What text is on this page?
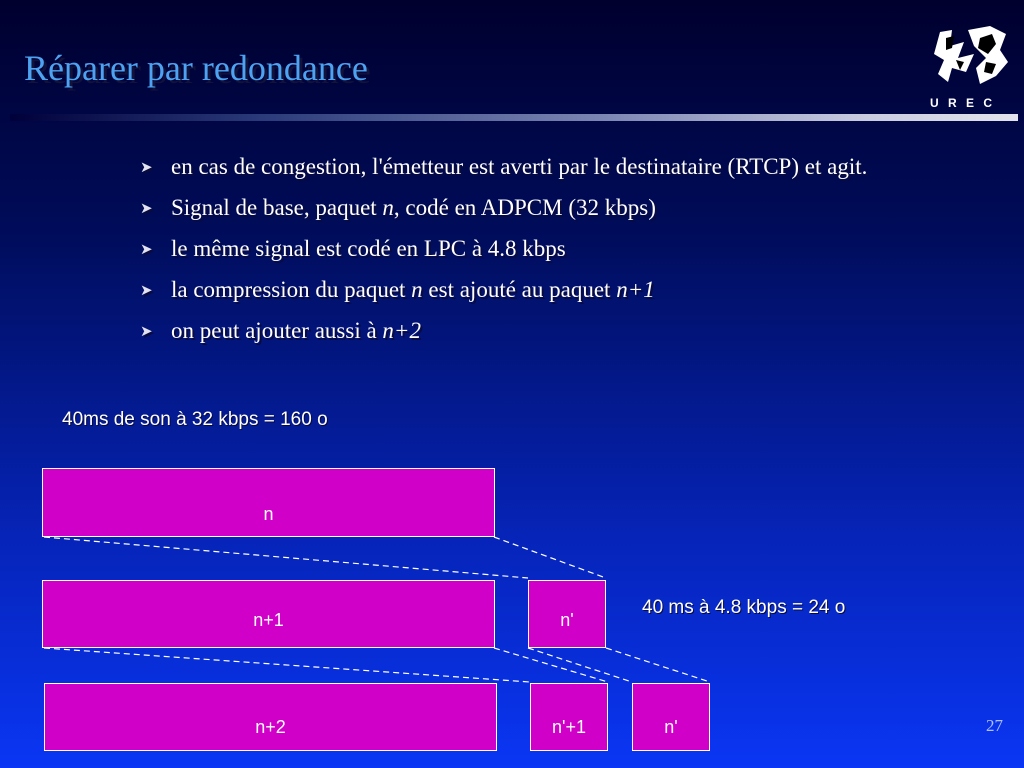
Réparer par redondance
U R E C
➤ en cas de congestion, l'émetteur est averti par le destinataire (RTCP) et agit.
➤ Signal de base, paquet n, codé en ADPCM (32 kbps)
➤ le même signal est codé en LPC à 4.8 kbps
➤ la compression du paquet n est ajouté au paquet n+1
➤ on peut ajouter aussi à n+2
40ms de son à 32 kbps = 160 o
40 ms à 4.8 kbps = 24 o
n
n+1	n'
n+2	n'+1	n'	27
